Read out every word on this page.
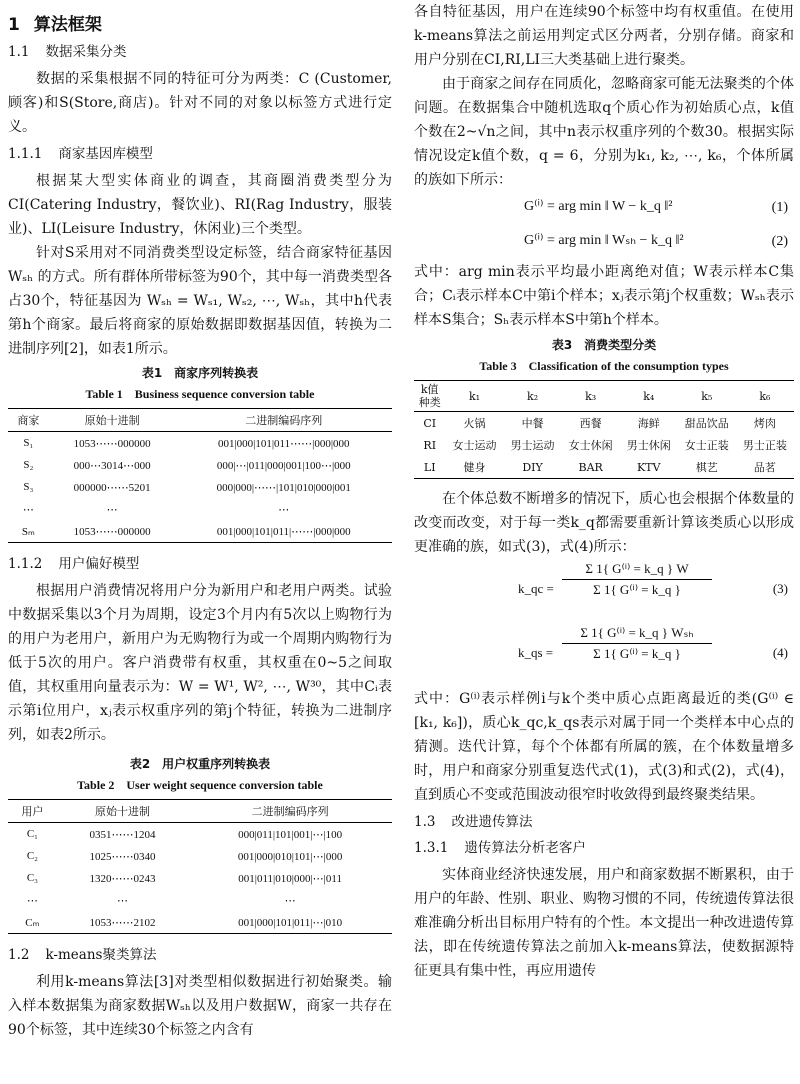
1 算法框架
1.1 数据采集分类

数据的采集根据不同的特征可分为两类：C (Customer,顾客)和S(Store,商店)。针对不同的对象以标签方式进行定义。

1.1.1 商家基因库模型

根据某大型实体商业的调查，其商圈消费类型分为CI(Catering Industry，餐饮业)、RI(Rag Industry，服装业)、LI(Leisure Industry，休闲业)三个类型。

针对S采用对不同消费类型设定标签，结合商家特征基因 Wₛₕ 的方式。所有群体所带标签为90个，其中每一消费类型各占30个，特征基因为 Wₛₕ = Wₛ₁, Wₛ₂, ⋯, Wₛₕ，其中h代表第h个商家。最后将商家的原始数据即数据基因值，转换为二进制序列[2]，如表1所示。

表1　商家序列转换表
Table 1　Business sequence conversion table
商家	原始十进制	二进制编码序列
S₁	1053⋯⋯000000	001|000|101|011⋯⋯|000|000
S₂	000⋯3014⋯000	000|⋯|011|000|001|100⋯|000
S₃	000000⋯⋯5201	000|000|⋯⋯|101|010|000|001
⋯	⋯	⋯
Sₘ	1053⋯⋯000000	001|000|101|011|⋯⋯|000|000
1.1.2 用户偏好模型

根据用户消费情况将用户分为新用户和老用户两类。试验中数据采集以3个月为周期，设定3个月内有5次以上购物行为的用户为老用户，新用户为无购物行为或一个周期内购物行为低于5次的用户。客户消费带有权重，其权重在0~5之间取值，其权重用向量表示为：W = W¹, W², ⋯, W³⁰，其中Cᵢ表示第i位用户，xⱼ表示权重序列的第j个特征，转换为二进制序列，如表2所示。

表2　用户权重序列转换表
Table 2　User weight sequence conversion table
用户	原始十进制	二进制编码序列
C₁	0351⋯⋯1204	000|011|101|001|⋯|100
C₂	1025⋯⋯0340	001|000|010|101|⋯|000
C₃	1320⋯⋯0243	001|011|010|000|⋯|011
⋯	⋯	⋯
Cₘ	1053⋯⋯2102	001|000|101|011|⋯|010
1.2 k-means聚类算法

利用k-means算法[3]对类型相似数据进行初始聚类。输入样本数据集为商家数据Wₛₕ以及用户数据W，商家一共存在90个标签，其中连续30个标签之内含有

各自特征基因，用户在连续90个标签中均有权重值。在使用k-means算法之前运用判定式区分两者，分别存储。商家和用户分别在CI,RI,LI三大类基础上进行聚类。

由于商家之间存在同质化，忽略商家可能无法聚类的个体问题。在数据集合中随机选取q个质心作为初始质心点，k值个数在2~√n之间，其中n表示权重序列的个数30。根据实际情况设定k值个数，q = 6，分别为k₁, k₂, ⋯, k₆，个体所属的族如下所示：

G⁽ⁱ⁾ = arg min ‖ W − k_q ‖²	(1)
G⁽ⁱ⁾ = arg min ‖ Wₛₕ − k_q ‖²	(2)

式中：arg min表示平均最小距离绝对值；W表示样本C集合；Cᵢ表示样本C中第i个样本；xⱼ表示第j个权重数；Wₛₕ表示样本S集合；Sₕ表示样本S中第h个样本。

表3　消费类型分类
Table 3　Classification of the consumption types
k值
种类	k₁	k₂	k₃	k₄	k₅	k₆
CI	火锅	中餐	西餐	海鲜	甜品饮品	烤肉
RI	女士运动	男士运动	女士休闲	男士休闲	女士正装	男士正装
LI	健身	DIY	BAR	KTV	棋艺	品茗

在个体总数不断增多的情况下，质心也会根据个体数量的改变而改变，对于每一类k_q都需要重新计算该类质心以形成更准确的族，如式(3)，式(4)所示：

k_qc = $\frac{\text{Σ 1\{ G⁽ⁱ⁾ = k\_q \} W}}{\text{Σ 1\{ G⁽ⁱ⁾ = k\_q \}}}$	(3)
k_qs =
Σ 1{ G⁽ⁱ⁾ = k_q } Wₛₕ
Σ 1{ G⁽ⁱ⁾ = k_q }	(4)

式中：G⁽ⁱ⁾表示样例i与k个类中质心点距离最近的类(G⁽ⁱ⁾ ∈ [k₁, k₆])，质心k_qc,k_qs表示对属于同一个类样本中心点的猜测。迭代计算，每个个体都有所属的簇，在个体数量增多时，用户和商家分别重复迭代式(1)，式(3)和式(2)，式(4)，直到质心不变或范围波动很窄时收敛得到最终聚类结果。

1.3 改进遗传算法
1.3.1 遗传算法分析老客户

实体商业经济快速发展，用户和商家数据不断累积，由于用户的年龄、性别、职业、购物习惯的不同，传统遗传算法很难准确分析出目标用户特有的个性。本文提出一种改进遗传算法，即在传统遗传算法之前加入k-means算法，使数据源特征更具有集中性，再应用遗传
